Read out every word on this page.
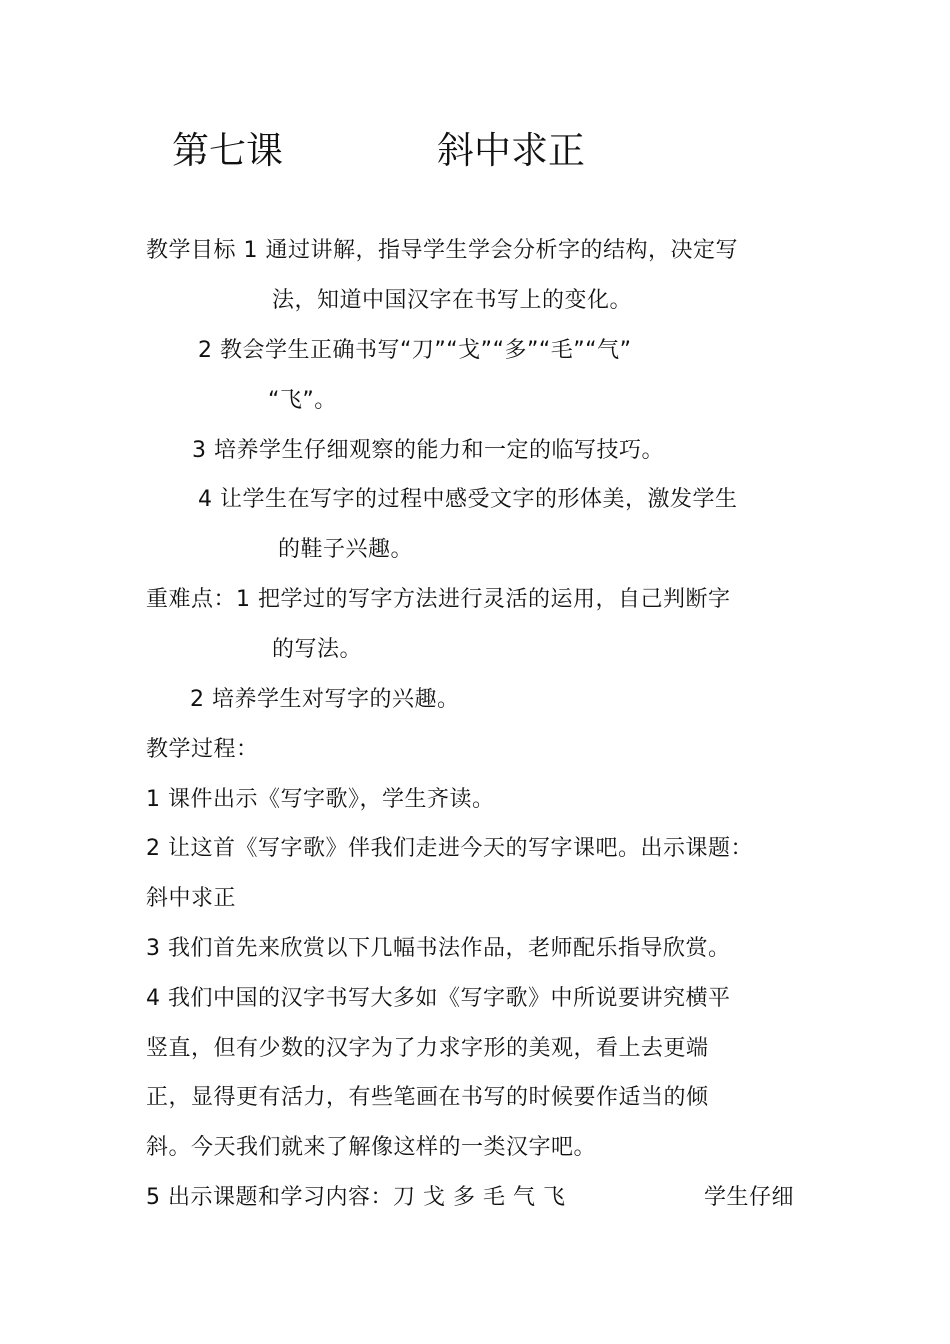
第七课	斜中求正
教学目标 1 通过讲解，指导学生学会分析字的结构，决定写
法，知道中国汉字在书写上的变化。
2 教会学生正确书写“刀”“戈”“多”“毛”“气”
“飞”。
3 培养学生仔细观察的能力和一定的临写技巧。
4 让学生在写字的过程中感受文字的形体美，激发学生
的鞋子兴趣。
重难点：1 把学过的写字方法进行灵活的运用，自己判断字
的写法。
2 培养学生对写字的兴趣。
教学过程：
1 课件出示《写字歌》，学生齐读。
2 让这首《写字歌》伴我们走进今天的写字课吧。出示课题：
斜中求正
3 我们首先来欣赏以下几幅书法作品，老师配乐指导欣赏。
4 我们中国的汉字书写大多如《写字歌》中所说要讲究横平
竖直，但有少数的汉字为了力求字形的美观，看上去更端
正，显得更有活力，有些笔画在书写的时候要作适当的倾
斜。今天我们就来了解像这样的一类汉字吧。
5 出示课题和学习内容：刀 戈 多 毛 气 飞	学生仔细
